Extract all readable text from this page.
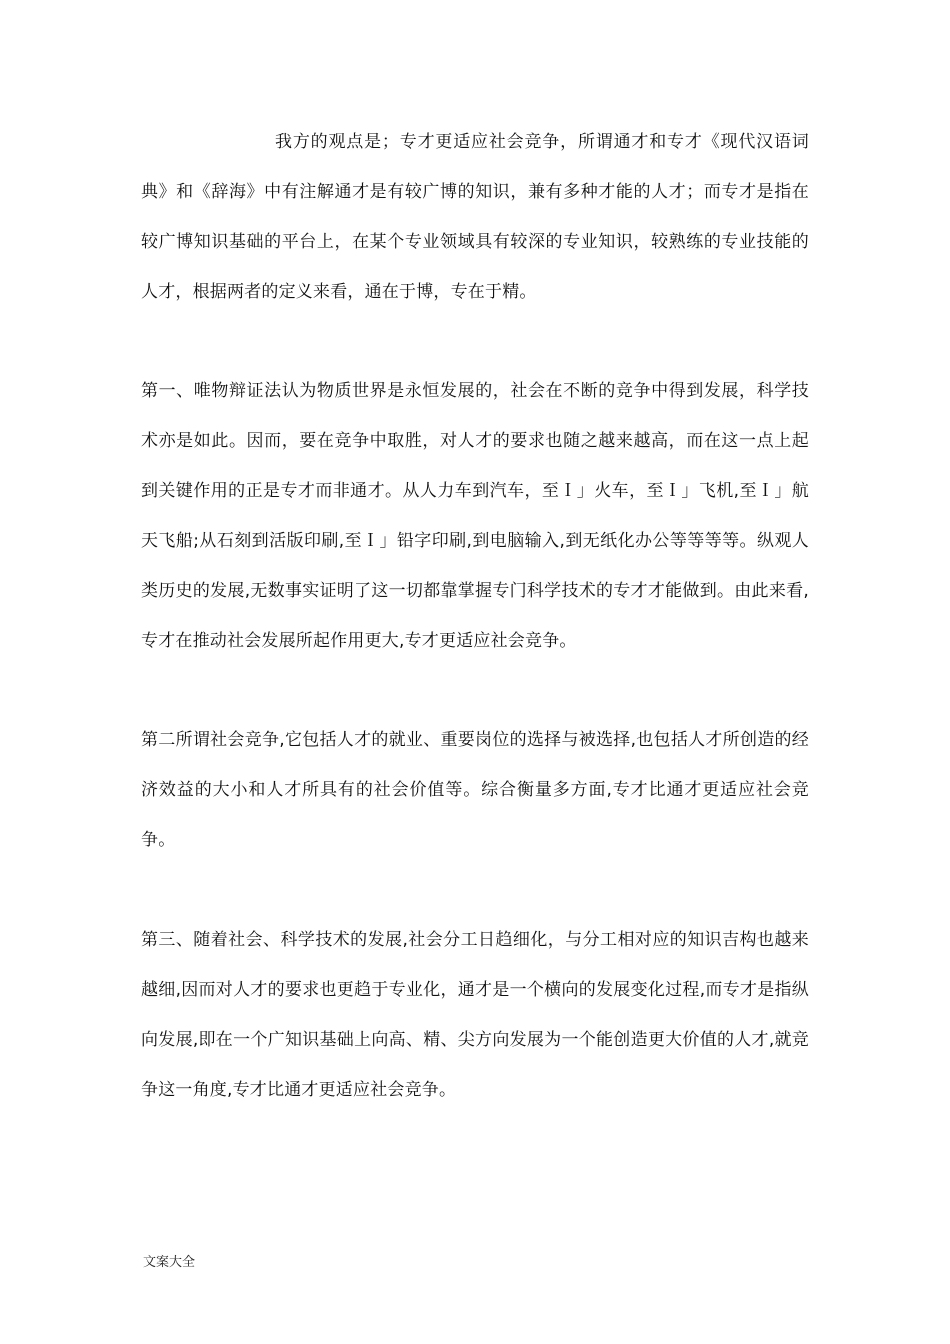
我方的观点是；专才更适应社会竞争，所谓通才和专才《现代汉语词典》和《辞海》中有注解通才是有较广博的知识，兼有多种才能的人才；而专才是指在较广博知识基础的平台上，在某个专业领域具有较深的专业知识，较熟练的专业技能的人才，根据两者的定义来看，通在于博，专在于精。

第一、唯物辩证法认为物质世界是永恒发展的，社会在不断的竞争中得到发展，科学技术亦是如此。因而，要在竞争中取胜，对人才的要求也随之越来越高，而在这一点上起到关键作用的正是专才而非通才。从人力车到汽车，至Ｉ」火车，至Ｉ」飞机,至Ｉ」航天飞船;从石刻到活版印刷,至Ｉ」铅字印刷,到电脑输入,到无纸化办公等等等等。纵观人类历史的发展,无数事实证明了这一切都靠掌握专门科学技术的专才才能做到。由此来看,专才在推动社会发展所起作用更大,专才更适应社会竞争。

第二所谓社会竞争,它包括人才的就业、重要岗位的选择与被选择,也包括人才所创造的经济效益的大小和人才所具有的社会价值等。综合衡量多方面,专才比通才更适应社会竞争。

第三、随着社会、科学技术的发展,社会分工日趋细化，与分工相对应的知识吉构也越来越细,因而对人才的要求也更趋于专业化，通才是一个横向的发展变化过程,而专才是指纵向发展,即在一个广知识基础上向高、精、尖方向发展为一个能创造更大价值的人才,就竞争这一角度,专才比通才更适应社会竞争。

文案大全
